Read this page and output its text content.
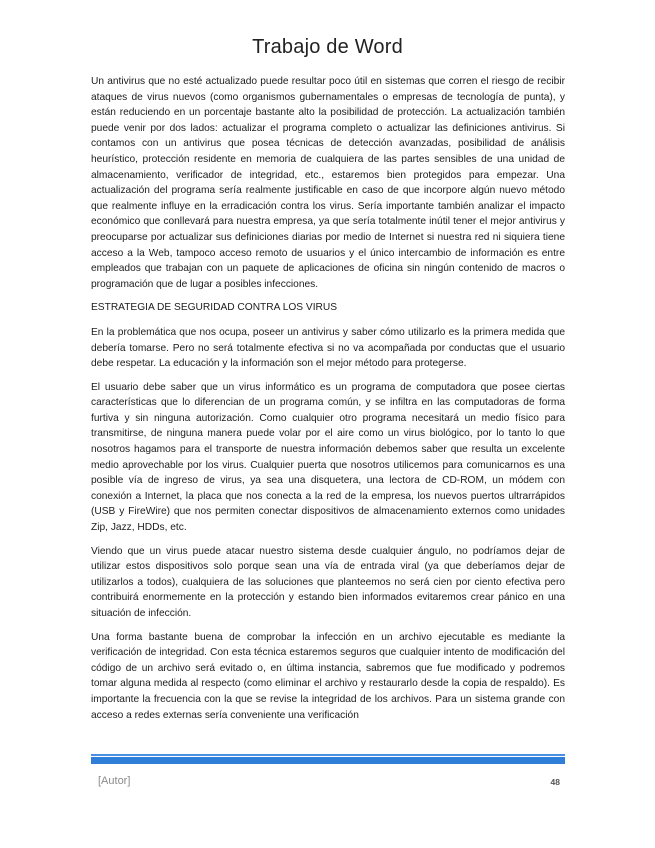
Trabajo de Word

Un antivirus que no esté actualizado puede resultar poco útil en sistemas que corren el riesgo de recibir ataques de virus nuevos (como organismos gubernamentales o empresas de tecnología de punta), y están reduciendo en un porcentaje bastante alto la posibilidad de protección. La actualización también puede venir por dos lados: actualizar el programa completo o actualizar las definiciones antivirus. Si contamos con un antivirus que posea técnicas de detección avanzadas, posibilidad de análisis heurístico, protección residente en memoria de cualquiera de las partes sensibles de una unidad de almacenamiento, verificador de integridad, etc., estaremos bien protegidos para empezar. Una actualización del programa sería realmente justificable en caso de que incorpore algún nuevo método que realmente influye en la erradicación contra los virus. Sería importante también analizar el impacto económico que conllevará para nuestra empresa, ya que sería totalmente inútil tener el mejor antivirus y preocuparse por actualizar sus definiciones diarias por medio de Internet si nuestra red ni siquiera tiene acceso a la Web, tampoco acceso remoto de usuarios y el único intercambio de información es entre empleados que trabajan con un paquete de aplicaciones de oficina sin ningún contenido de macros o programación que de lugar a posibles infecciones.

ESTRATEGIA DE SEGURIDAD CONTRA LOS VIRUS

En la problemática que nos ocupa, poseer un antivirus y saber cómo utilizarlo es la primera medida que debería tomarse. Pero no será totalmente efectiva si no va acompañada por conductas que el usuario debe respetar. La educación y la información son el mejor método para protegerse.

El usuario debe saber que un virus informático es un programa de computadora que posee ciertas características que lo diferencian de un programa común, y se infiltra en las computadoras de forma furtiva y sin ninguna autorización. Como cualquier otro programa necesitará un medio físico para transmitirse, de ninguna manera puede volar por el aire como un virus biológico, por lo tanto lo que nosotros hagamos para el transporte de nuestra información debemos saber que resulta un excelente medio aprovechable por los virus. Cualquier puerta que nosotros utilicemos para comunicarnos es una posible vía de ingreso de virus, ya sea una disquetera, una lectora de CD-ROM, un módem con conexión a Internet, la placa que nos conecta a la red de la empresa, los nuevos puertos ultrarrápidos (USB y FireWire) que nos permiten conectar dispositivos de almacenamiento externos como unidades Zip, Jazz, HDDs, etc.

Viendo que un virus puede atacar nuestro sistema desde cualquier ángulo, no podríamos dejar de utilizar estos dispositivos solo porque sean una vía de entrada viral (ya que deberíamos dejar de utilizarlos a todos), cualquiera de las soluciones que planteemos no será cien por ciento efectiva pero contribuirá enormemente en la protección y estando bien informados evitaremos crear pánico en una situación de infección.

Una forma bastante buena de comprobar la infección en un archivo ejecutable es mediante la verificación de integridad. Con esta técnica estaremos seguros que cualquier intento de modificación del código de un archivo será evitado o, en última instancia, sabremos que fue modificado y podremos tomar alguna medida al respecto (como eliminar el archivo y restaurarlo desde la copia de respaldo). Es importante la frecuencia con la que se revise la integridad de los archivos. Para un sistema grande con acceso a redes externas sería conveniente una verificación

[Autor]	48
